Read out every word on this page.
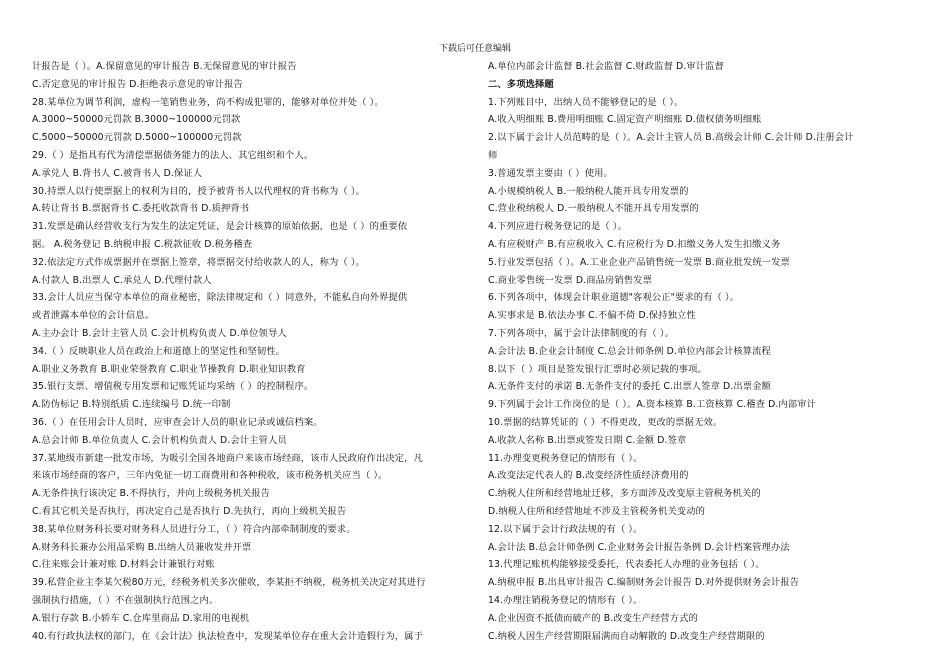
下载后可任意编辑
计报告是（ ）。A.保留意见的审计报告 B.无保留意见的审计报告
C.否定意见的审计报告 D.拒绝表示意见的审计报告
28.某单位为调节利润，虚构一笔销售业务，尚不构成犯罪的，能够对单位并处（ ）。
A.3000~50000元罚款 B.3000~100000元罚款
C.5000~50000元罚款 D.5000~100000元罚款
29.（ ）是指具有代为清偿票据债务能力的法人、其它组织和个人。
A.承兑人 B.背书人 C.被背书人 D.保证人
30.持票人以行使票据上的权利为目的，授予被背书人以代理权的背书称为（ ）。
A.转让背书 B.票据背书 C.委托收款背书 D.质押背书
31.发票是确认经营收支行为发生的法定凭证，是会计核算的原始依据，也是（ ）的重要依
据。 A.税务登记 B.纳税申报 C.税款征收 D.税务稽查
32.依法定方式作成票据并在票据上签章，将票据交付给收款人的人，称为（ ）。
A.付款人 B.出票人 C.承兑人 D.代理付款人
33.会计人员应当保守本单位的商业秘密，除法律规定和（ ）同意外，不能私自向外界提供
或者泄露本单位的会计信息。
A.主办会计 B.会计主管人员 C.会计机构负责人 D.单位领导人
34.（ ）反映职业人员在政治上和道德上的坚定性和坚韧性。
A.职业义务教育 B.职业荣誉教育 C.职业节操教育 D.职业知识教育
35.银行支票、增值税专用发票和记账凭证均采纳（ ）的控制程序。
A.防伪标记 B.特别纸质 C.连续编号 D.统一印制
36.（ ）在任用会计人员时，应审查会计人员的职业记录或诚信档案。
A.总会计师 B.单位负责人 C.会计机构负责人 D.会计主管人员
37.某地级市新建一批发市场，为吸引全国各地商户来该市场经商，该市人民政府作出决定，凡
来该市场经商的客户，三年内免征一切工商费用和各种税收，该市税务机关应当（ ）。
A.无条件执行该决定 B.不得执行，并向上级税务机关报告
C.看其它机关是否执行，再决定自己是否执行 D.先执行，再向上级机关报告
38.某单位财务科长要对财务科人员进行分工，（ ）符合内部牵制制度的要求。
A.财务科长兼办公用品采购 B.出纳人员兼收发并开票
C.往来账会计兼对账 D.材料会计兼银行对账
39.私营企业主李某欠税80万元，经税务机关多次催收，李某拒不纳税，税务机关决定对其进行
强制执行措施，（ ）不在强制执行范围之内。
A.银行存款 B.小轿车 C.仓库里商品 D.家用的电视机
40.有行政执法权的部门，在《会计法》执法检查中，发现某单位存在重大会计造假行为，属于
A.单位内部会计监督 B.社会监督 C.财政监督 D.审计监督
二、多项选择题
1.下列账目中，出纳人员不能够登记的是（ ）。
A.收入明细账 B.费用明细账 C.固定资产明细账 D.债权债务明细账
2.以下属于会计人员范畴的是（ ）。A.会计主管人员 B.高级会计师 C.会计师 D.注册会计
师
3.普通发票主要由（ ）使用。
A.小规模纳税人 B.一般纳税人能开具专用发票的
C.营业税纳税人 D.一般纳税人不能开具专用发票的
4.下列应进行税务登记的是（ ）。
A.有应税财产 B.有应税收入 C.有应税行为 D.扣缴义务人发生扣缴义务
5.行业发票包括（ ）。A.工业企业产品销售统一发票 B.商业批发统一发票
C.商业零售统一发票 D.商品房销售发票
6.下列各项中，体现会计职业道德"客观公正"要求的有（ ）。
A.实事求是 B.依法办事 C.不偏不倚 D.保持独立性
7.下列各项中，属于会计法律制度的有（ ）。
A.会计法 B.企业会计制度 C.总会计师条例 D.单位内部会计核算流程
8.以下（ ）项目是签发银行汇票时必须记载的事项。
A.无条件支付的承诺 B.无条件支付的委托 C.出票人签章 D.出票金额
9.下列属于会计工作岗位的是（ ）。A.资本核算 B.工资核算 C.稽查 D.内部审计
10.票据的结算凭证的（ ）不得更改，更改的票据无效。
A.收款人名称 B.出票或签发日期 C.金额 D.签章
11.办理变更税务登记的情形有（ ）。
A.改变法定代表人的 B.改变经济性质经济费用的
C.纳税人住所和经营地址迁移，多方面涉及改变原主管税务机关的
D.纳税人住所和经营地址不涉及主管税务机关变动的
12.以下属于会计行政法规的有（ ）。
A.会计法 B.总会计师条例 C.企业财务会计报告条例 D.会计档案管理办法
13.代理记账机构能够接受委托，代表委托人办理的业务包括（ ）。
A.纳税申报 B.出具审计报告 C.编制财务会计报告 D.对外提供财务会计报告
14.办理注销税务登记的情形有（ ）。
A.企业因资不抵债而破产的 B.改变生产经营方式的
C.纳税人因生产经营期限届满而自动解散的 D.改变生产经营期限的
